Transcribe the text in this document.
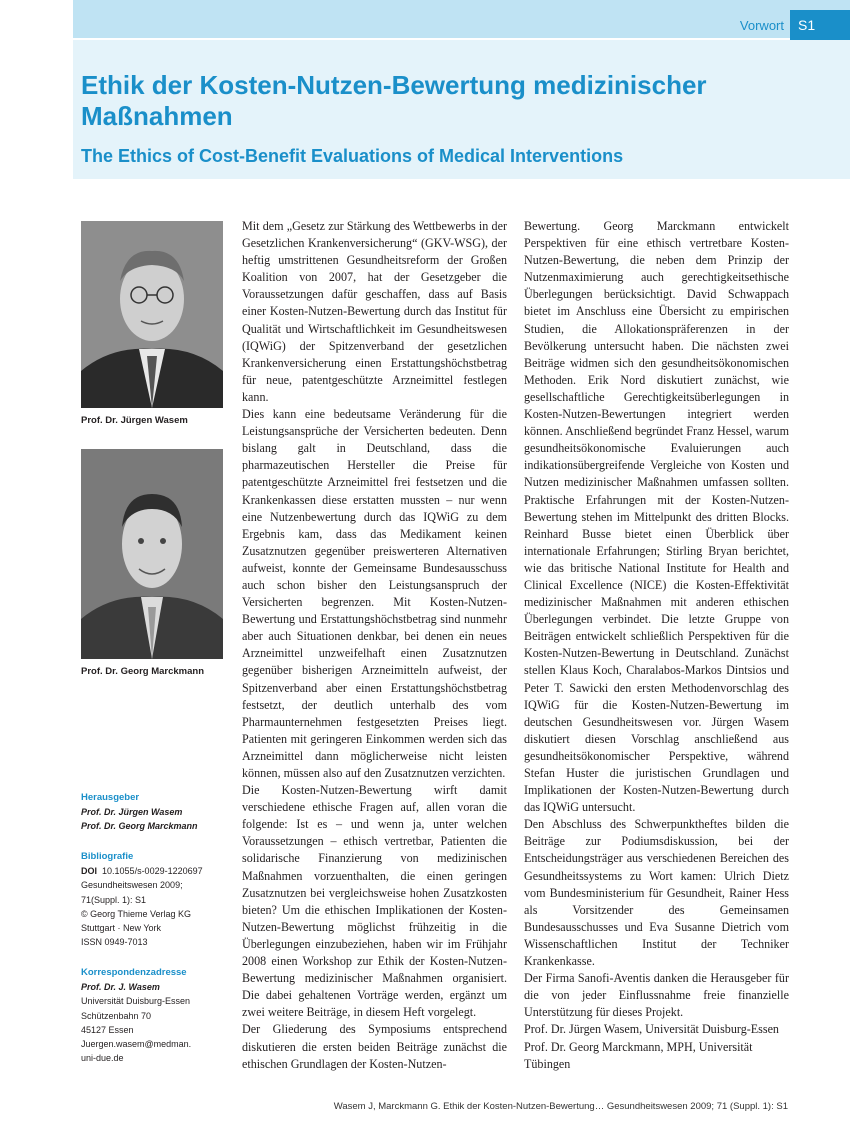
Vorwort	S1
Ethik der Kosten-Nutzen-Bewertung medizinischer Maßnahmen
The Ethics of Cost-Benefit Evaluations of Medical Interventions
Prof. Dr. Jürgen Wasem
Prof. Dr. Georg Marckmann
Herausgeber
Prof. Dr. Jürgen Wasem
Prof. Dr. Georg Marckmann
Bibliografie
DOI 10.1055/s-0029-1220697
Gesundheitswesen 2009;
71(Suppl. 1): S1
© Georg Thieme Verlag KG
Stuttgart · New York
ISSN 0949-7013
Korrespondenzadresse
Prof. Dr. J. Wasem
Universität Duisburg-Essen
Schützenbahn 70
45127 Essen
Juergen.wasem@medman.
uni-due.de

Mit dem „Gesetz zur Stärkung des Wettbewerbs in der Gesetzlichen Krankenversicherung“ (GKV-WSG), der heftig umstrittenen Gesundheitsreform der Großen Koalition von 2007, hat der Gesetzgeber die Voraussetzungen dafür geschaffen, dass auf Basis einer Kosten-Nutzen-Bewertung durch das Institut für Qualität und Wirtschaftlichkeit im Gesundheitswesen (IQWiG) der Spitzenverband der gesetzlichen Krankenversicherung einen Erstattungshöchstbetrag für neue, patentgeschützte Arzneimittel festlegen kann.

Dies kann eine bedeutsame Veränderung für die Leistungsansprüche der Versicherten bedeuten. Denn bislang galt in Deutschland, dass die pharmazeutischen Hersteller die Preise für patentgeschützte Arzneimittel frei festsetzen und die Krankenkassen diese erstatten mussten – nur wenn eine Nutzenbewertung durch das IQWiG zu dem Ergebnis kam, dass das Medikament keinen Zusatznutzen gegenüber preiswerteren Alternativen aufweist, konnte der Gemeinsame Bundesausschuss auch schon bisher den Leistungsanspruch der Versicherten begrenzen. Mit Kosten-Nutzen-Bewertung und Erstattungshöchstbetrag sind nunmehr aber auch Situationen denkbar, bei denen ein neues Arzneimittel unzweifelhaft einen Zusatznutzen gegenüber bisherigen Arzneimitteln aufweist, der Spitzenverband aber einen Erstattungshöchstbetrag festsetzt, der deutlich unterhalb des vom Pharmaunternehmen festgesetzten Preises liegt. Patienten mit geringeren Einkommen werden sich das Arzneimittel dann möglicherweise nicht leisten können, müssen also auf den Zusatznutzen verzichten.

Die Kosten-Nutzen-Bewertung wirft damit verschiedene ethische Fragen auf, allen voran die folgende: Ist es – und wenn ja, unter welchen Voraussetzungen – ethisch vertretbar, Patienten die solidarische Finanzierung von medizinischen Maßnahmen vorzuenthalten, die einen geringen Zusatznutzen bei vergleichsweise hohen Zusatzkosten bieten? Um die ethischen Implikationen der Kosten-Nutzen-Bewertung möglichst frühzeitig in die Überlegungen einzubeziehen, haben wir im Frühjahr 2008 einen Workshop zur Ethik der Kosten-Nutzen-Bewertung medizinischer Maßnahmen organisiert. Die dabei gehaltenen Vorträge werden, ergänzt um zwei weitere Beiträge, in diesem Heft vorgelegt.

Der Gliederung des Symposiums entsprechend diskutieren die ersten beiden Beiträge zunächst die ethischen Grundlagen der Kosten-Nutzen-

Bewertung. Georg Marckmann entwickelt Perspektiven für eine ethisch vertretbare Kosten-Nutzen-Bewertung, die neben dem Prinzip der Nutzenmaximierung auch gerechtigkeitsethische Überlegungen berücksichtigt. David Schwappach bietet im Anschluss eine Übersicht zu empirischen Studien, die Allokationspräferenzen in der Bevölkerung untersucht haben. Die nächsten zwei Beiträge widmen sich den gesundheitsökonomischen Methoden. Erik Nord diskutiert zunächst, wie gesellschaftliche Gerechtigkeitsüberlegungen in Kosten-Nutzen-Bewertungen integriert werden können. Anschließend begründet Franz Hessel, warum gesundheitsökonomische Evaluierungen auch indikationsübergreifende Vergleiche von Kosten und Nutzen medizinischer Maßnahmen umfassen sollten. Praktische Erfahrungen mit der Kosten-Nutzen-Bewertung stehen im Mittelpunkt des dritten Blocks. Reinhard Busse bietet einen Überblick über internationale Erfahrungen; Stirling Bryan berichtet, wie das britische National Institute for Health and Clinical Excellence (NICE) die Kosten-Effektivität medizinischer Maßnahmen mit anderen ethischen Überlegungen verbindet. Die letzte Gruppe von Beiträgen entwickelt schließlich Perspektiven für die Kosten-Nutzen-Bewertung in Deutschland. Zunächst stellen Klaus Koch, Charalabos-Markos Dintsios und Peter T. Sawicki den ersten Methodenvorschlag des IQWiG für die Kosten-Nutzen-Bewertung im deutschen Gesundheitswesen vor. Jürgen Wasem diskutiert diesen Vorschlag anschließend aus gesundheitsökonomischer Perspektive, während Stefan Huster die juristischen Grundlagen und Implikationen der Kosten-Nutzen-Bewertung durch das IQWiG untersucht.

Den Abschluss des Schwerpunktheftes bilden die Beiträge zur Podiumsdiskussion, bei der Entscheidungsträger aus verschiedenen Bereichen des Gesundheitssystems zu Wort kamen: Ulrich Dietz vom Bundesministerium für Gesundheit, Rainer Hess als Vorsitzender des Gemeinsamen Bundesausschusses und Eva Susanne Dietrich vom Wissenschaftlichen Institut der Techniker Krankenkasse.

Der Firma Sanofi-Aventis danken die Herausgeber für die von jeder Einflussnahme freie finanzielle Unterstützung für dieses Projekt.

Prof. Dr. Jürgen Wasem, Universität Duisburg-Essen

Prof. Dr. Georg Marckmann, MPH, Universität Tübingen

Wasem J, Marckmann G. Ethik der Kosten-Nutzen-Bewertung… Gesundheitswesen 2009; 71 (Suppl. 1): S1
